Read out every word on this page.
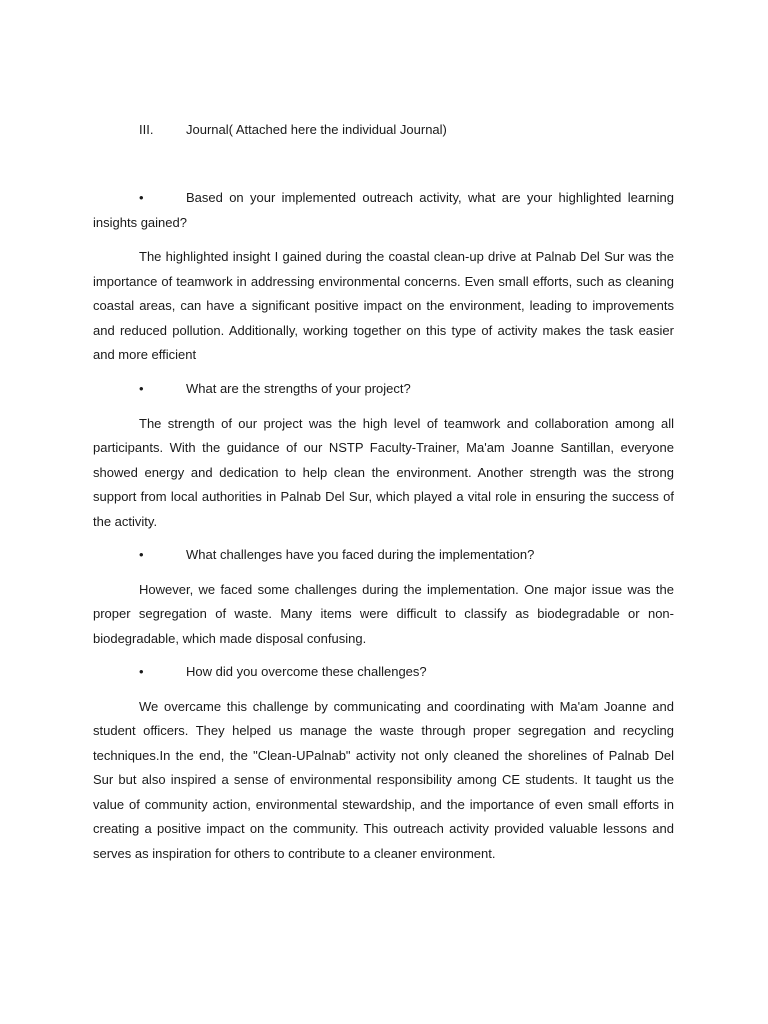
III.	Journal( Attached here the individual Journal)

•	Based on your implemented outreach activity, what are your highlighted learning insights gained?

The highlighted insight I gained during the coastal clean-up drive at Palnab Del Sur was the importance of teamwork in addressing environmental concerns. Even small efforts, such as cleaning coastal areas, can have a significant positive impact on the environment, leading to improvements and reduced pollution. Additionally, working together on this type of activity makes the task easier and more efficient

•	What are the strengths of your project?

The strength of our project was the high level of teamwork and collaboration among all participants. With the guidance of our NSTP Faculty-Trainer, Ma'am Joanne Santillan, everyone showed energy and dedication to help clean the environment. Another strength was the strong support from local authorities in Palnab Del Sur, which played a vital role in ensuring the success of the activity.

•	What challenges have you faced during the implementation?

However, we faced some challenges during the implementation. One major issue was the proper segregation of waste. Many items were difficult to classify as biodegradable or non-biodegradable, which made disposal confusing.

•	How did you overcome these challenges?

We overcame this challenge by communicating and coordinating with Ma'am Joanne and student officers. They helped us manage the waste through proper segregation and recycling techniques.In the end, the "Clean-UPalnab" activity not only cleaned the shorelines of Palnab Del Sur but also inspired a sense of environmental responsibility among CE students. It taught us the value of community action, environmental stewardship, and the importance of even small efforts in creating a positive impact on the community. This outreach activity provided valuable lessons and serves as inspiration for others to contribute to a cleaner environment.
